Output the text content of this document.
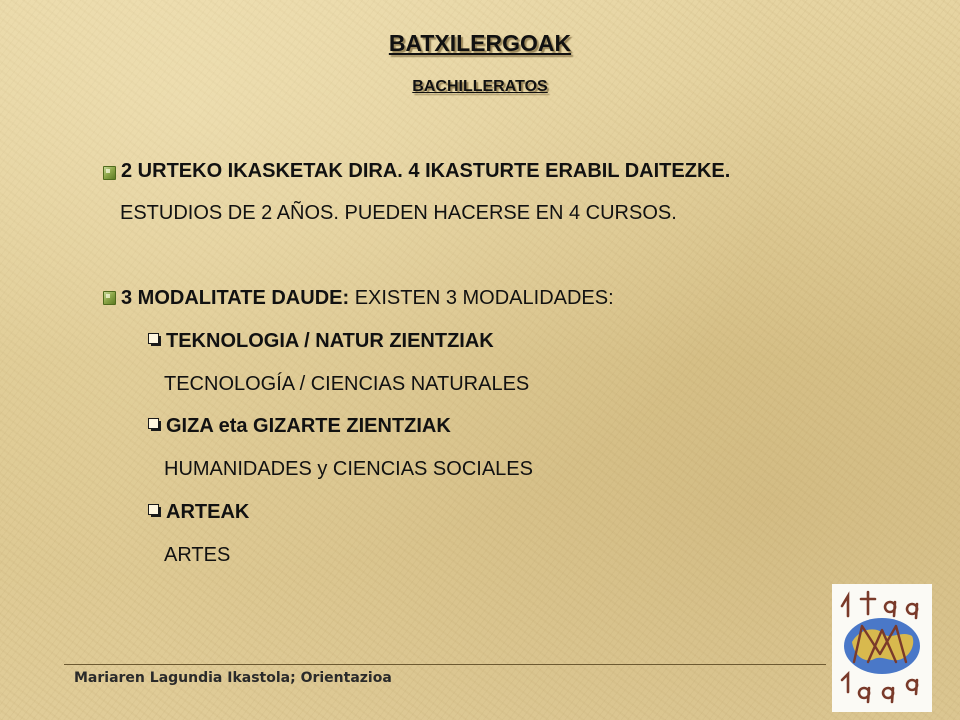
BATXILERGOAK
BACHILLERATOS
2 URTEKO IKASKETAK DIRA. 4 IKASTURTE ERABIL DAITEZKE.
ESTUDIOS DE 2 AÑOS. PUEDEN HACERSE EN 4 CURSOS.
3 MODALITATE DAUDE: EXISTEN 3 MODALIDADES:
TEKNOLOGIA / NATUR ZIENTZIAK
TECNOLOGÍA / CIENCIAS NATURALES
GIZA eta GIZARTE ZIENTZIAK
HUMANIDADES y CIENCIAS SOCIALES
ARTEAK
ARTES
Mariaren Lagundia Ikastola; Orientazioa
